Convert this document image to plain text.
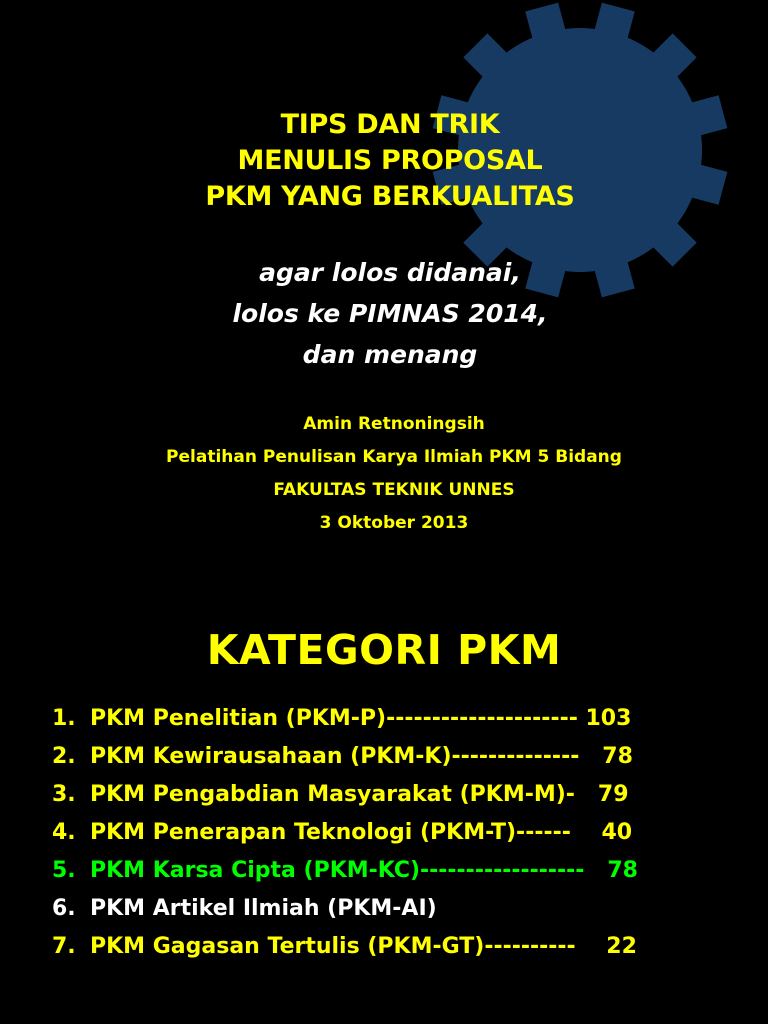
TIPS DAN TRIK
MENULIS PROPOSAL
PKM YANG BERKUALITAS
agar lolos didanai,
lolos ke PIMNAS 2014,
dan menang
Amin Retnoningsih
Pelatihan Penulisan Karya Ilmiah PKM 5 Bidang
FAKULTAS TEKNIK UNNES
3 Oktober 2013
KATEGORI PKM
1. PKM Penelitian (PKM-P)--------------------- 103
2. PKM Kewirausahaan (PKM-K)--------------   78
3. PKM Pengabdian Masyarakat (PKM-M)-   79
4. PKM Penerapan Teknologi (PKM-T)------    40
5. PKM Karsa Cipta (PKM-KC)------------------   78
6. PKM Artikel Ilmiah (PKM-AI)
7. PKM Gagasan Tertulis (PKM-GT)----------    22
